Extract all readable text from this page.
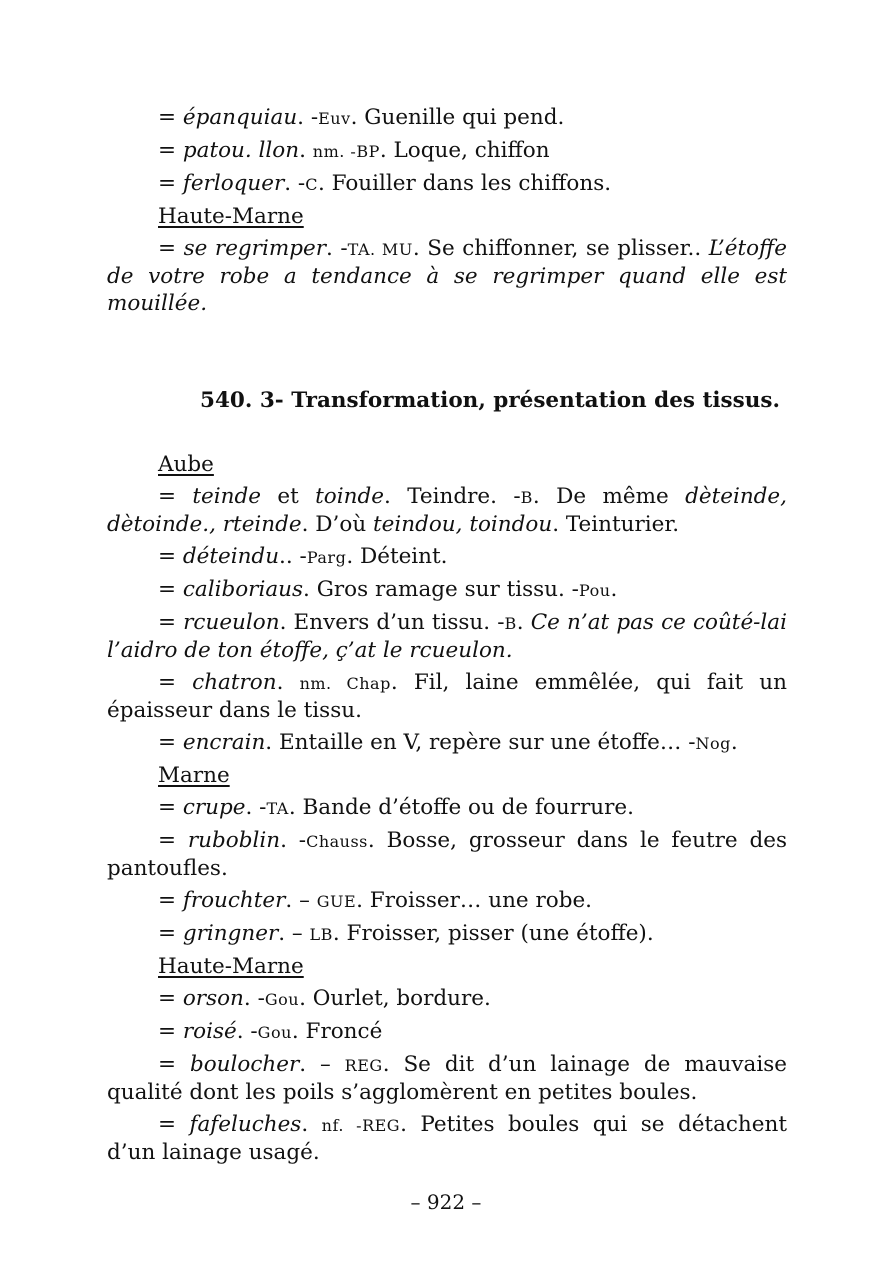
= épanquiau. -Euv. Guenille qui pend.

= patou. llon. nm. -BP. Loque, chiffon

= ferloquer. -C. Fouiller dans les chiffons.

Haute-Marne

= se regrimper. -TA. MU. Se chiffonner, se plisser.. L’étoffe de votre robe a tendance à se regrimper quand elle est mouillée.

540. 3- Transformation, présentation des tissus.

Aube

= teinde et toinde. Teindre. -B. De même dèteinde, dètoinde., rteinde. D’où teindou, toindou. Teinturier.

= déteindu.. -Parg. Déteint.

= caliboriaus. Gros ramage sur tissu. -Pou.

= rcueulon. Envers d’un tissu. -B. Ce n’at pas ce coûté-lai l’aidro de ton étoffe, ç’at le rcueulon.

= chatron. nm. Chap. Fil, laine emmêlée, qui fait un épaisseur dans le tissu.

= encrain. Entaille en V, repère sur une étoffe… -Nog.

Marne

= crupe. -TA. Bande d’étoffe ou de fourrure.

= ruboblin. -Chauss. Bosse, grosseur dans le feutre des pantoufles.

= frouchter. – GUE. Froisser… une robe.

= gringner. – LB. Froisser, pisser (une étoffe).

Haute-Marne

= orson. -Gou. Ourlet, bordure.

= roisé. -Gou. Froncé

= boulocher. – REG. Se dit d’un lainage de mauvaise qualité dont les poils s’agglomèrent en petites boules.

= fafeluches. nf. -REG. Petites boules qui se détachent d’un lainage usagé.

– 922 –
